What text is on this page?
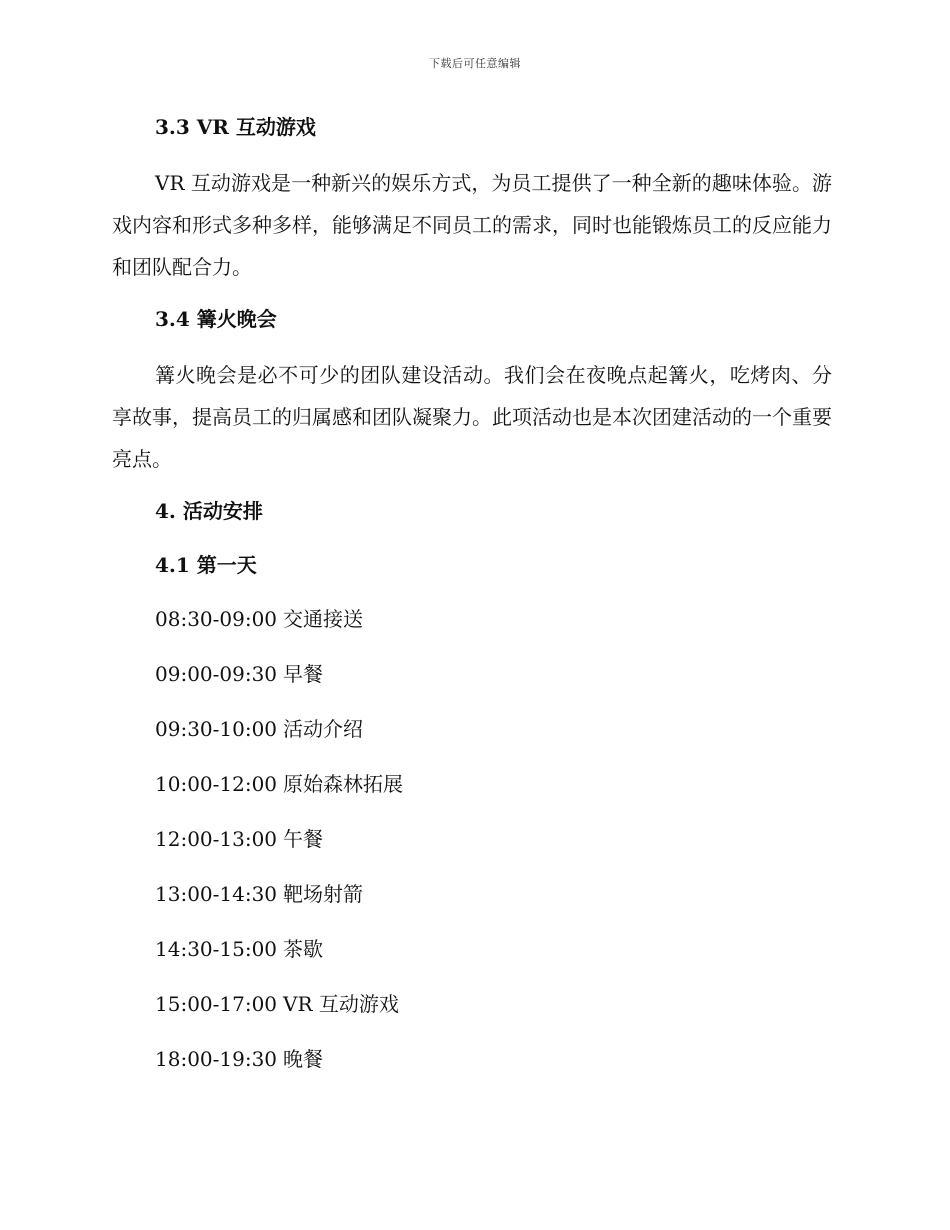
下载后可任意编辑
3.3 VR 互动游戏

VR 互动游戏是一种新兴的娱乐方式，为员工提供了一种全新的趣味体验。游戏内容和形式多种多样，能够满足不同员工的需求，同时也能锻炼员工的反应能力和团队配合力。

3.4 篝火晚会

篝火晚会是必不可少的团队建设活动。我们会在夜晚点起篝火，吃烤肉、分享故事，提高员工的归属感和团队凝聚力。此项活动也是本次团建活动的一个重要亮点。

4. 活动安排
4.1 第一天
08:30-09:00 交通接送
09:00-09:30 早餐
09:30-10:00 活动介绍
10:00-12:00 原始森林拓展
12:00-13:00 午餐
13:00-14:30 靶场射箭
14:30-15:00 茶歇
15:00-17:00 VR 互动游戏
18:00-19:30 晚餐
